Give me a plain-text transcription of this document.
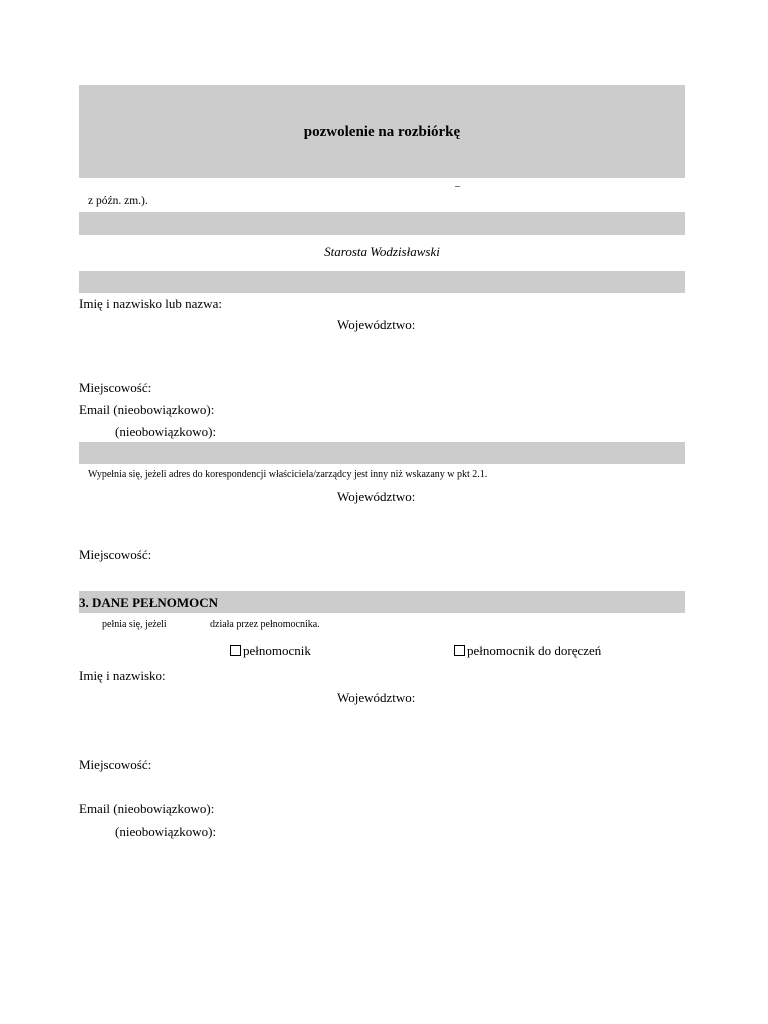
pozwolenie na rozbiórkę
–
z późn. zm.).
Starosta Wodzisławski
Imię i nazwisko lub nazwa:
Województwo:
Miejscowość:
Email (nieobowiązkowo):
(nieobowiązkowo):
Wypełnia się, jeżeli adres do korespondencji właściciela/zarządcy jest inny niż wskazany w pkt 2.1.
Województwo:
Miejscowość:
3. DANE PEŁNOMOCN
pełnia się, jeżeli	działa przez pełnomocnika.
pełnomocnik	pełnomocnik do doręczeń
Imię i nazwisko:
Województwo:
Miejscowość:
Email (nieobowiązkowo):
(nieobowiązkowo):
